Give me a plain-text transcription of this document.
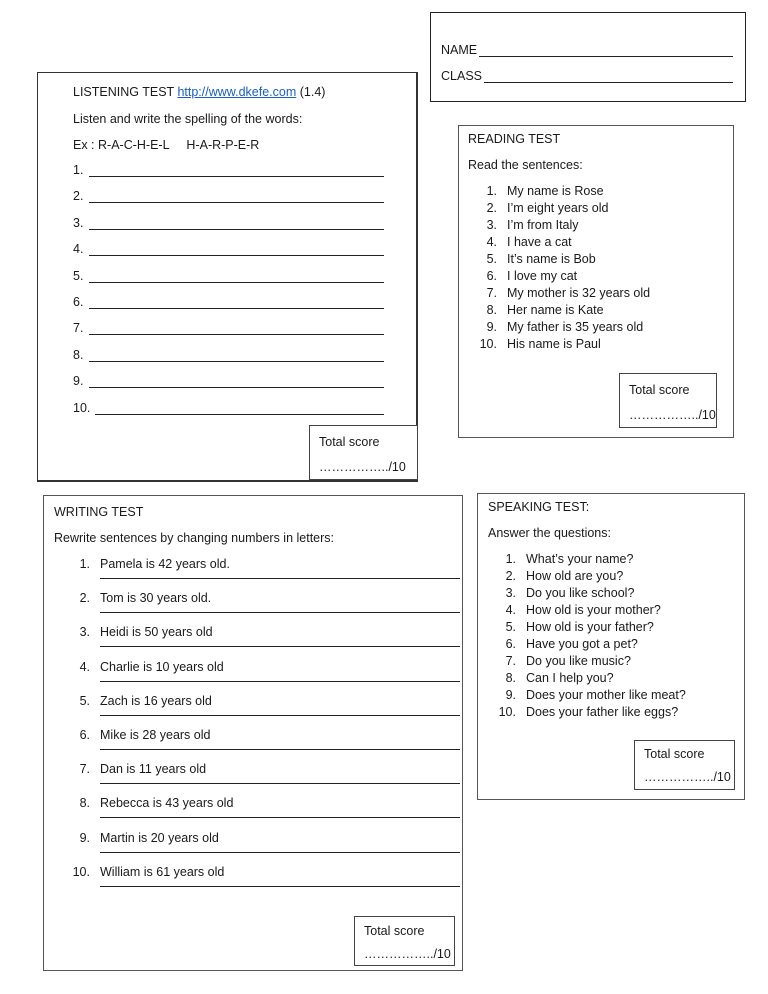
NAME
CLASS
LISTENING TEST http://www.dkefe.com (1.4)
Listen and write the spelling of the words:
Ex : R-A-C-H-E-L     H-A-R-P-E-R
1.
2.
3.
4.
5.
6.
7.
8.
9.
10.
Total score
……………../10
READING TEST
Read the sentences:
1. My name is Rose
2. I’m eight years old
3. I’m from Italy
4. I have a cat
5. It’s name is Bob
6. I love my cat
7. My mother is 32 years old
8. Her name is Kate
9. My father is 35 years old
10. His name is Paul
Total score
……………../10
WRITING TEST
Rewrite sentences by changing numbers in letters:
1. Pamela is 42 years old.
2. Tom is 30 years old.
3. Heidi is 50 years old
4. Charlie is 10 years old
5. Zach is 16 years old
6. Mike is 28 years old
7. Dan is 11 years old
8. Rebecca is 43 years old
9. Martin is 20 years old
10. William is 61 years old
Total score
……………../10
SPEAKING TEST:
Answer the questions:
1. What’s your name?
2. How old are you?
3. Do you like school?
4. How old is your mother?
5. How old is your father?
6. Have you got a pet?
7. Do you like music?
8. Can I help you?
9. Does your mother like meat?
10. Does your father like eggs?
Total score
……………../10
